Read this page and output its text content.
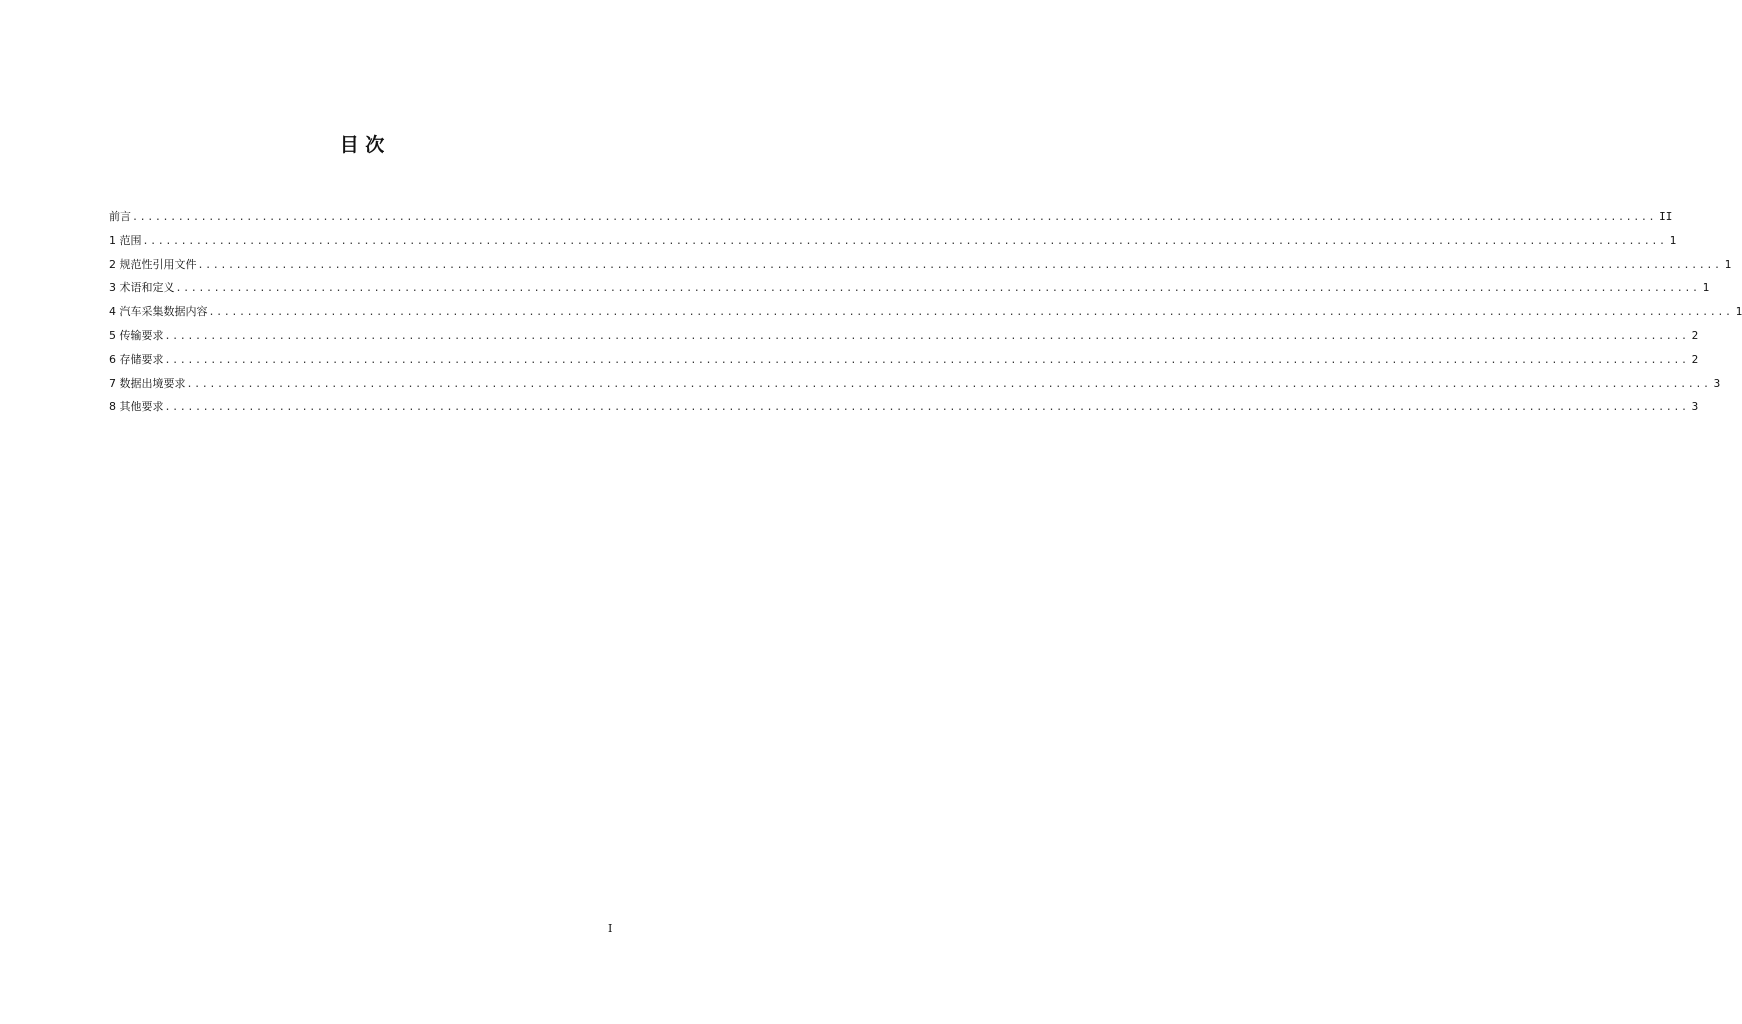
目 次
前言 ........................................................................................................................................................................................................ II
1 范围 ........................................................................................................................................................................................................ 1
2 规范性引用文件 ........................................................................................................................................................................................................ 1
3 术语和定义 ........................................................................................................................................................................................................ 1
4 汽车采集数据内容 ........................................................................................................................................................................................................ 1
5 传输要求 ........................................................................................................................................................................................................ 2
6 存储要求 ........................................................................................................................................................................................................ 2
7 数据出境要求 ........................................................................................................................................................................................................ 3
8 其他要求 ........................................................................................................................................................................................................ 3
I
